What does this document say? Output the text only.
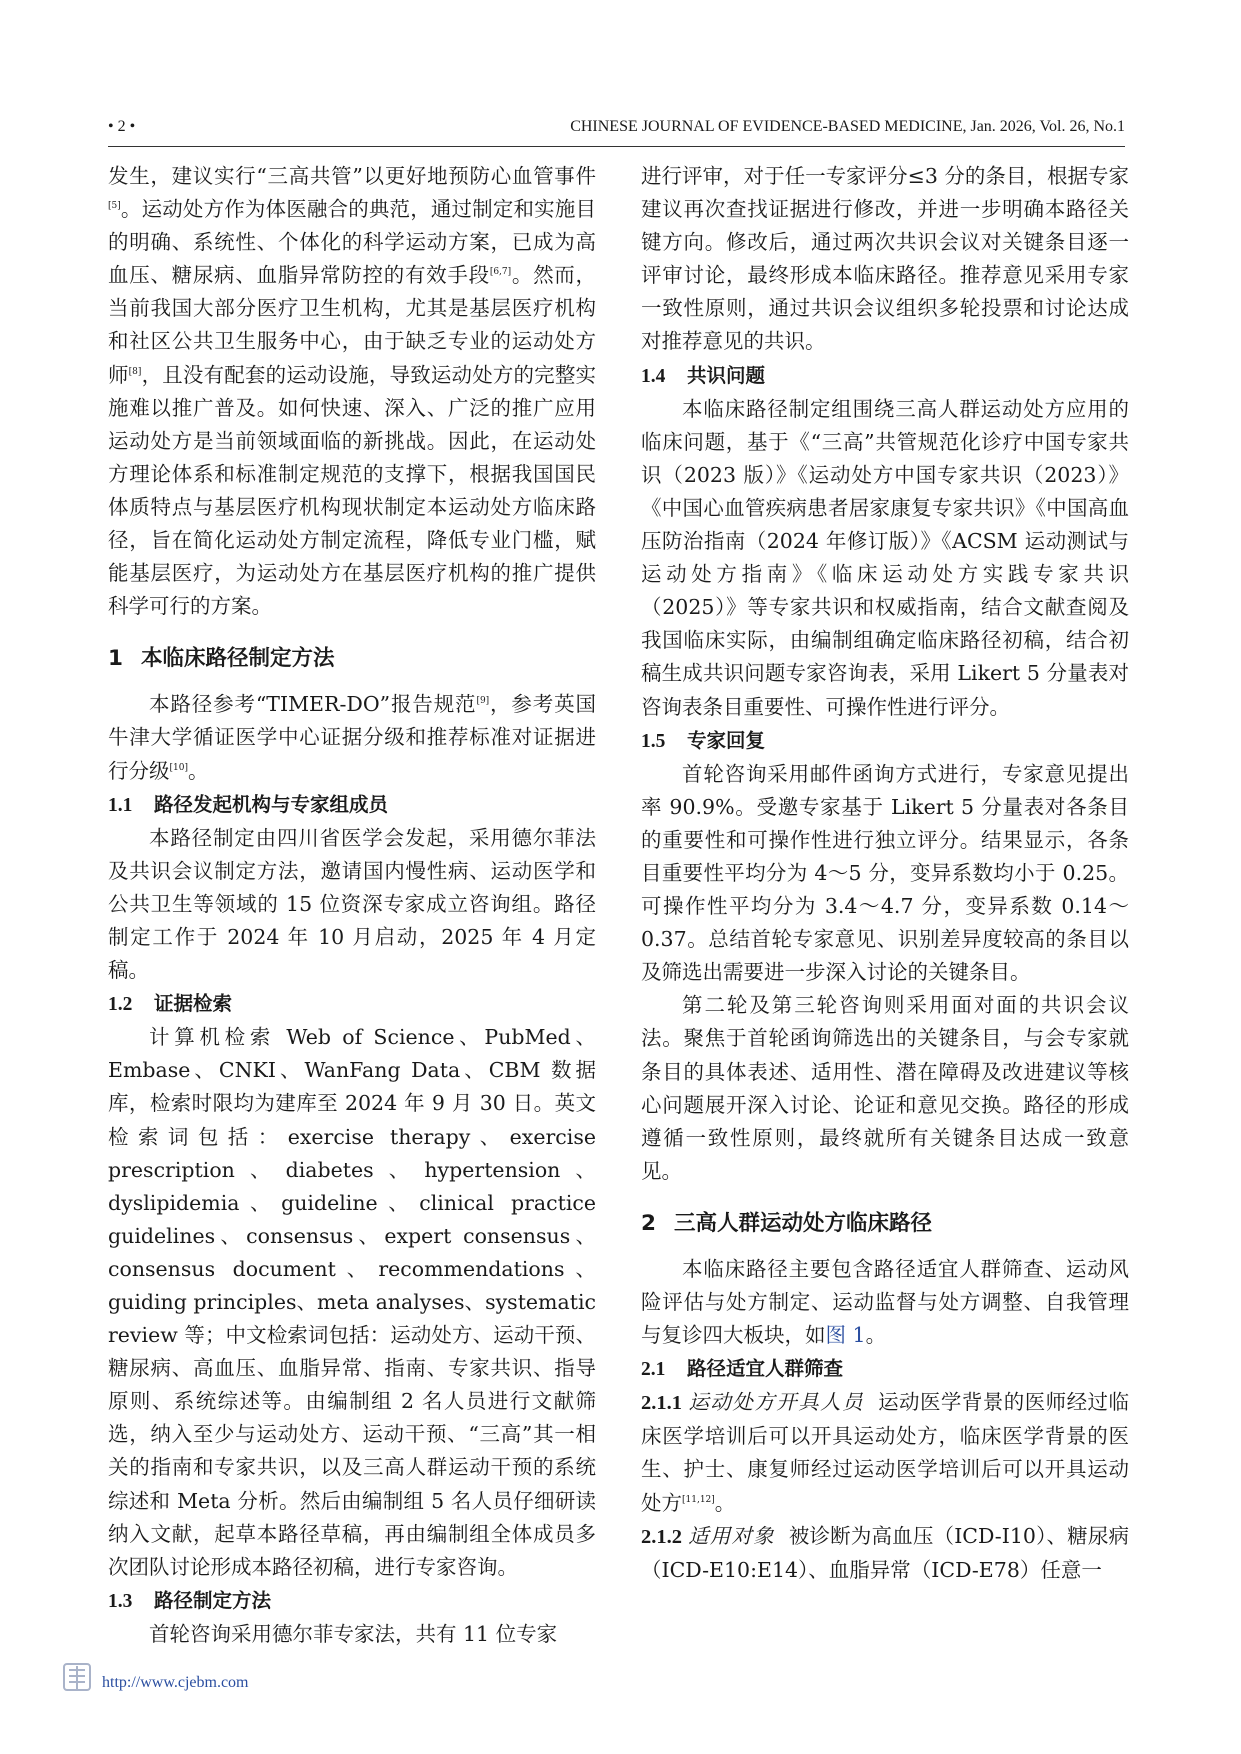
• 2 •	CHINESE JOURNAL OF EVIDENCE-BASED MEDICINE, Jan. 2026, Vol. 26, No.1

发生，建议实行“三高共管”以更好地预防心血管事件[5]。运动处方作为体医融合的典范，通过制定和实施目的明确、系统性、个体化的科学运动方案，已成为高血压、糖尿病、血脂异常防控的有效手段[6,7]。然而，当前我国大部分医疗卫生机构，尤其是基层医疗机构和社区公共卫生服务中心，由于缺乏专业的运动处方师[8]，且没有配套的运动设施，导致运动处方的完整实施难以推广普及。如何快速、深入、广泛的推广应用运动处方是当前领域面临的新挑战。因此，在运动处方理论体系和标准制定规范的支撑下，根据我国国民体质特点与基层医疗机构现状制定本运动处方临床路径，旨在简化运动处方制定流程，降低专业门槛，赋能基层医疗，为运动处方在基层医疗机构的推广提供科学可行的方案。

1 本临床路径制定方法

本路径参考“TIMER-DO”报告规范[9]，参考英国牛津大学循证医学中心证据分级和推荐标准对证据进行分级[10]。

1.1 路径发起机构与专家组成员

本路径制定由四川省医学会发起，采用德尔菲法及共识会议制定方法，邀请国内慢性病、运动医学和公共卫生等领域的 15 位资深专家成立咨询组。路径制定工作于 2024 年 10 月启动，2025 年 4 月定稿。

1.2 证据检索

计算机检索 Web of Science、PubMed、Embase、CNKI、WanFang Data、CBM 数据库，检索时限均为建库至 2024 年 9 月 30 日。英文检索词包括：exercise therapy、exercise prescription、diabetes、hypertension、dyslipidemia、guideline、clinical practice guidelines、consensus、expert consensus、consensus document、recommendations、guiding principles、meta analyses、systematic review 等；中文检索词包括：运动处方、运动干预、糖尿病、高血压、血脂异常、指南、专家共识、指导原则、系统综述等。由编制组 2 名人员进行文献筛选，纳入至少与运动处方、运动干预、“三高”其一相关的指南和专家共识，以及三高人群运动干预的系统综述和 Meta 分析。然后由编制组 5 名人员仔细研读纳入文献，起草本路径草稿，再由编制组全体成员多次团队讨论形成本路径初稿，进行专家咨询。

1.3 路径制定方法

首轮咨询采用德尔菲专家法，共有 11 位专家

进行评审，对于任一专家评分≤3 分的条目，根据专家建议再次查找证据进行修改，并进一步明确本路径关键方向。修改后，通过两次共识会议对关键条目逐一评审讨论，最终形成本临床路径。推荐意见采用专家一致性原则，通过共识会议组织多轮投票和讨论达成对推荐意见的共识。

1.4 共识问题

本临床路径制定组围绕三高人群运动处方应用的临床问题，基于《“三高”共管规范化诊疗中国专家共识（2023 版）》《运动处方中国专家共识（2023）》《中国心血管疾病患者居家康复专家共识》《中国高血压防治指南（2024 年修订版）》《ACSM 运动测试与运动处方指南》《临床运动处方实践专家共识（2025）》等专家共识和权威指南，结合文献查阅及我国临床实际，由编制组确定临床路径初稿，结合初稿生成共识问题专家咨询表，采用 Likert 5 分量表对咨询表条目重要性、可操作性进行评分。

1.5 专家回复

首轮咨询采用邮件函询方式进行，专家意见提出率 90.9%。受邀专家基于 Likert 5 分量表对各条目的重要性和可操作性进行独立评分。结果显示，各条目重要性平均分为 4～5 分，变异系数均小于 0.25。可操作性平均分为 3.4～4.7 分，变异系数 0.14～0.37。总结首轮专家意见、识别差异度较高的条目以及筛选出需要进一步深入讨论的关键条目。

第二轮及第三轮咨询则采用面对面的共识会议法。聚焦于首轮函询筛选出的关键条目，与会专家就条目的具体表述、适用性、潜在障碍及改进建议等核心问题展开深入讨论、论证和意见交换。路径的形成遵循一致性原则，最终就所有关键条目达成一致意见。

2 三高人群运动处方临床路径

本临床路径主要包含路径适宜人群筛查、运动风险评估与处方制定、运动监督与处方调整、自我管理与复诊四大板块，如图 1。

2.1 路径适宜人群筛查

2.1.1 运动处方开具人员 运动医学背景的医师经过临床医学培训后可以开具运动处方，临床医学背景的医生、护士、康复师经过运动医学培训后可以开具运动处方[11,12]。

2.1.2 适用对象 被诊断为高血压（ICD-I10）、糖尿病（ICD-E10:E14）、血脂异常（ICD-E78）任意一

http://www.cjebm.com
